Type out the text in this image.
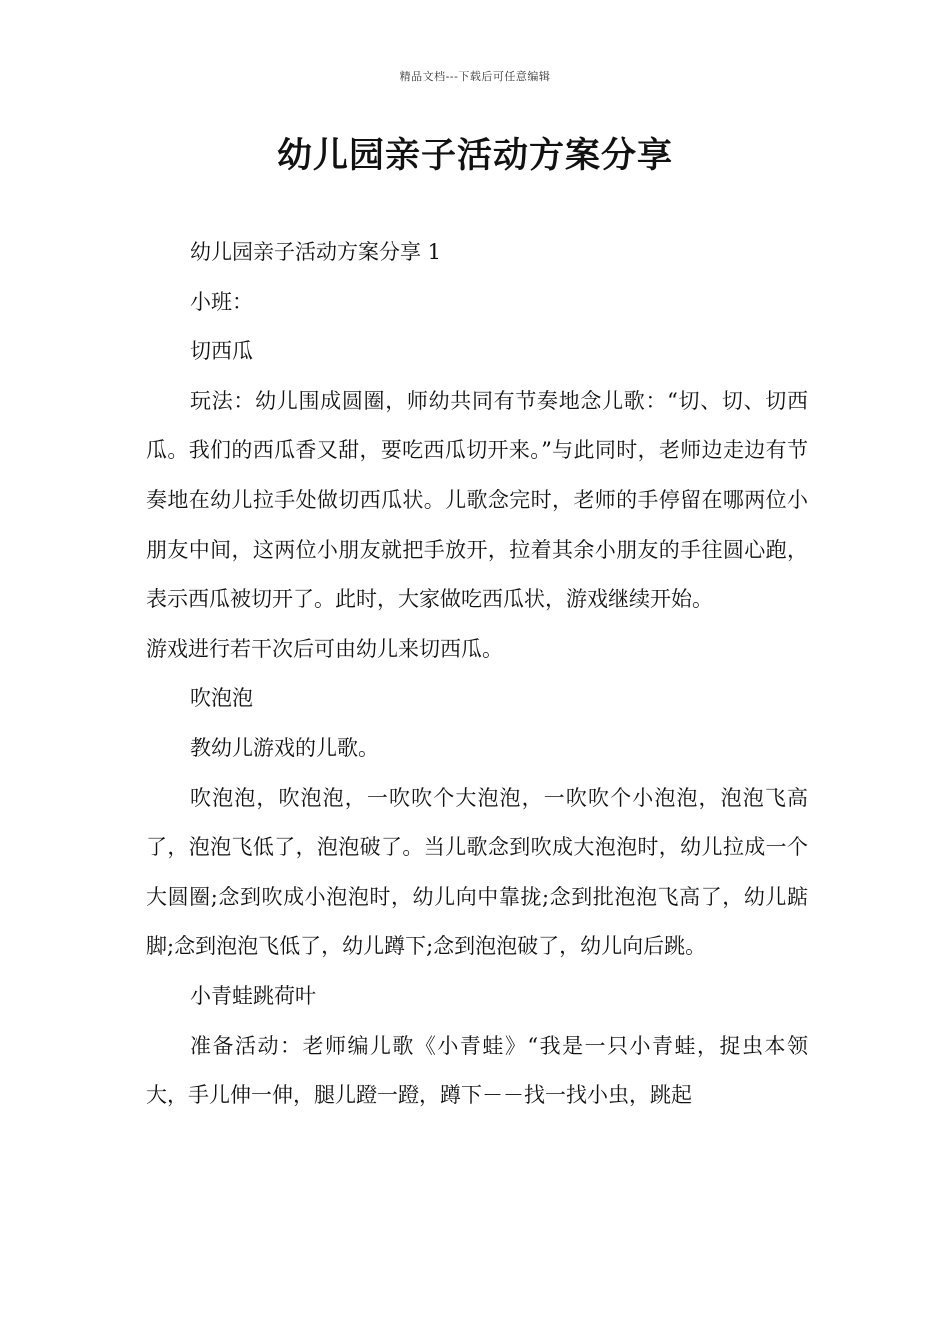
精品文档---下载后可任意编辑
幼儿园亲子活动方案分享

幼儿园亲子活动方案分享 1

小班：

切西瓜

玩法：幼儿围成圆圈，师幼共同有节奏地念儿歌：“切、切、切西瓜。我们的西瓜香又甜，要吃西瓜切开来。”与此同时，老师边走边有节奏地在幼儿拉手处做切西瓜状。儿歌念完时，老师的手停留在哪两位小朋友中间，这两位小朋友就把手放开，拉着其余小朋友的手往圆心跑，表示西瓜被切开了。此时，大家做吃西瓜状，游戏继续开始。

游戏进行若干次后可由幼儿来切西瓜。

吹泡泡

教幼儿游戏的儿歌。

吹泡泡，吹泡泡，一吹吹个大泡泡，一吹吹个小泡泡，泡泡飞高了，泡泡飞低了，泡泡破了。当儿歌念到吹成大泡泡时，幼儿拉成一个大圆圈;念到吹成小泡泡时，幼儿向中靠拢;念到批泡泡飞高了，幼儿踮脚;念到泡泡飞低了，幼儿蹲下;念到泡泡破了，幼儿向后跳。

小青蛙跳荷叶

准备活动：老师编儿歌《小青蛙》“我是一只小青蛙，捉虫本领大，手儿伸一伸，腿儿蹬一蹬，蹲下－－找一找小虫，跳起
